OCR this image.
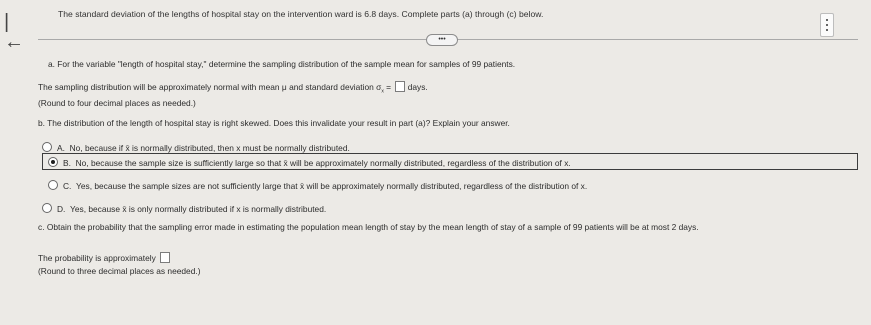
|←
The standard deviation of the lengths of hospital stay on the intervention ward is 6.8 days. Complete parts (a) through (c) below.
•••
a. For the variable "length of hospital stay," determine the sampling distribution of the sample mean for samples of 99 patients.
The sampling distribution will be approximately normal with mean μ and standard deviation $\sigma_x$ =  days.
(Round to four decimal places as needed.)
b. The distribution of the length of hospital stay is right skewed. Does this invalidate your result in part (a)? Explain your answer.
A. No, because if x̄ is normally distributed, then x must be normally distributed.
B. No, because the sample size is sufficiently large so that x̄ will be approximately normally distributed, regardless of the distribution of x.
C. Yes, because the sample sizes are not sufficiently large that x̄ will be approximately normally distributed, regardless of the distribution of x.
D. Yes, because x̄ is only normally distributed if x is normally distributed.
c. Obtain the probability that the sampling error made in estimating the population mean length of stay by the mean length of stay of a sample of 99 patients will be at most 2 days.
The probability is approximately
(Round to three decimal places as needed.)
